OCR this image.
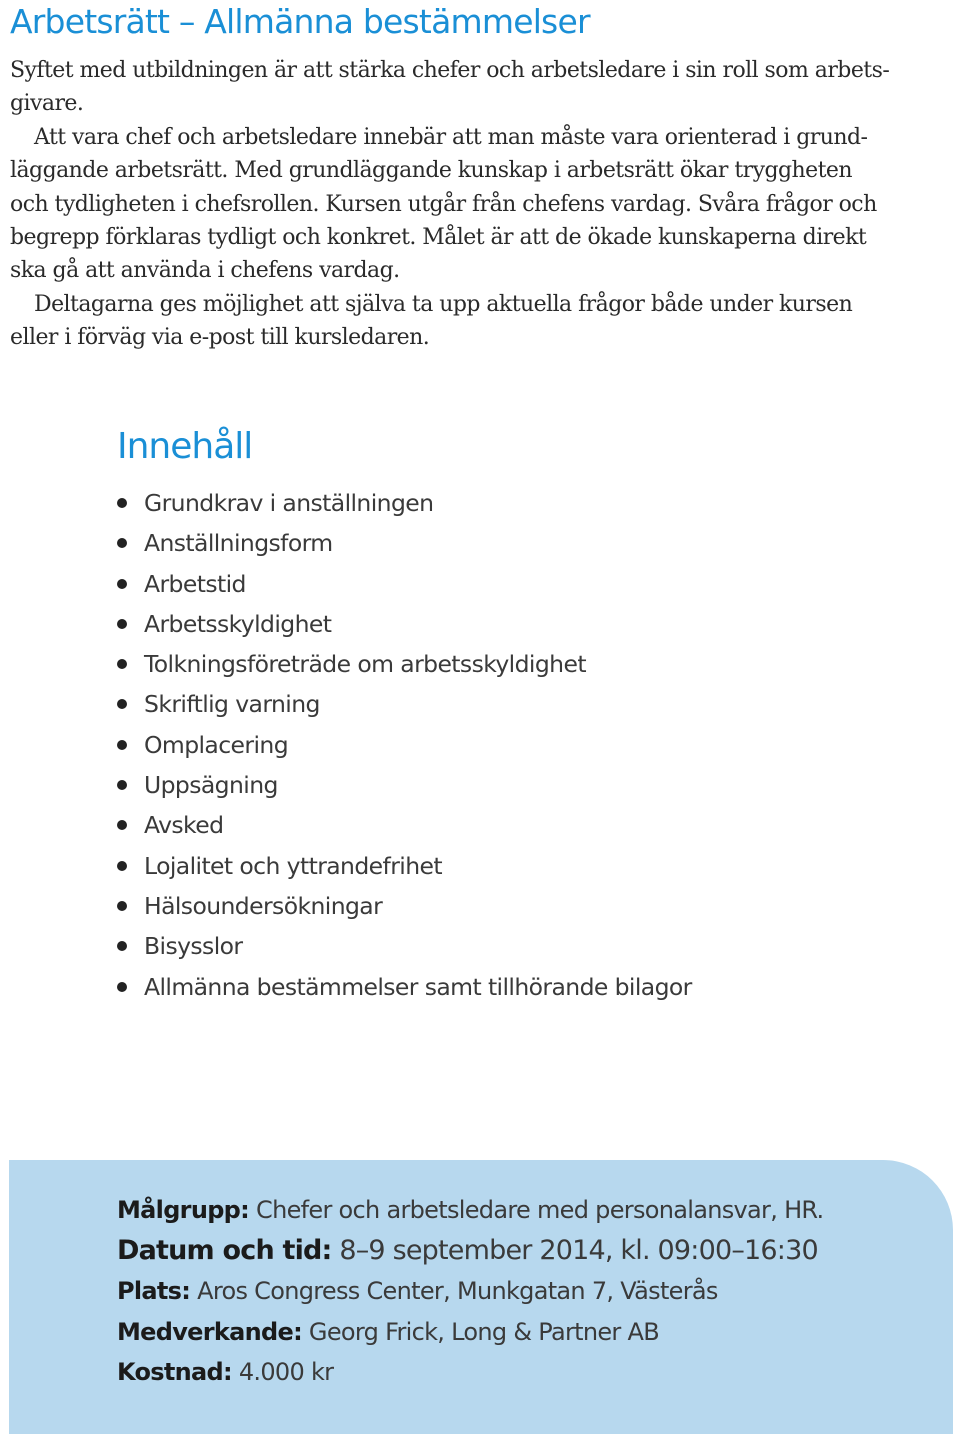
Arbetsrätt – Allmänna bestämmelser

Syftet med utbildningen är att stärka chefer och arbetsledare i sin roll som arbets-
givare.

Att vara chef och arbetsledare innebär att man måste vara orienterad i grund-
läggande arbetsrätt. Med grundläggande kunskap i arbetsrätt ökar tryggheten
och tydligheten i chefsrollen. Kursen utgår från chefens vardag. Svåra frågor och
begrepp förklaras tydligt och konkret. Målet är att de ökade kunskaperna direkt
ska gå att använda i chefens vardag.

Deltagarna ges möjlighet att själva ta upp aktuella frågor både under kursen
eller i förväg via e-post till kursledaren.

Innehåll
Grundkrav i anställningen
Anställningsform
Arbetstid
Arbetsskyldighet
Tolkningsföreträde om arbetsskyldighet
Skriftlig varning
Omplacering
Uppsägning
Avsked
Lojalitet och yttrandefrihet
Hälsoundersökningar
Bisysslor
Allmänna bestämmelser samt tillhörande bilagor
Målgrupp: Chefer och arbetsledare med personalansvar, HR.
Datum och tid: 8–9 september 2014, kl. 09:00–16:30
Plats: Aros Congress Center, Munkgatan 7, Västerås
Medverkande: Georg Frick, Long & Partner AB
Kostnad: 4.000 kr
